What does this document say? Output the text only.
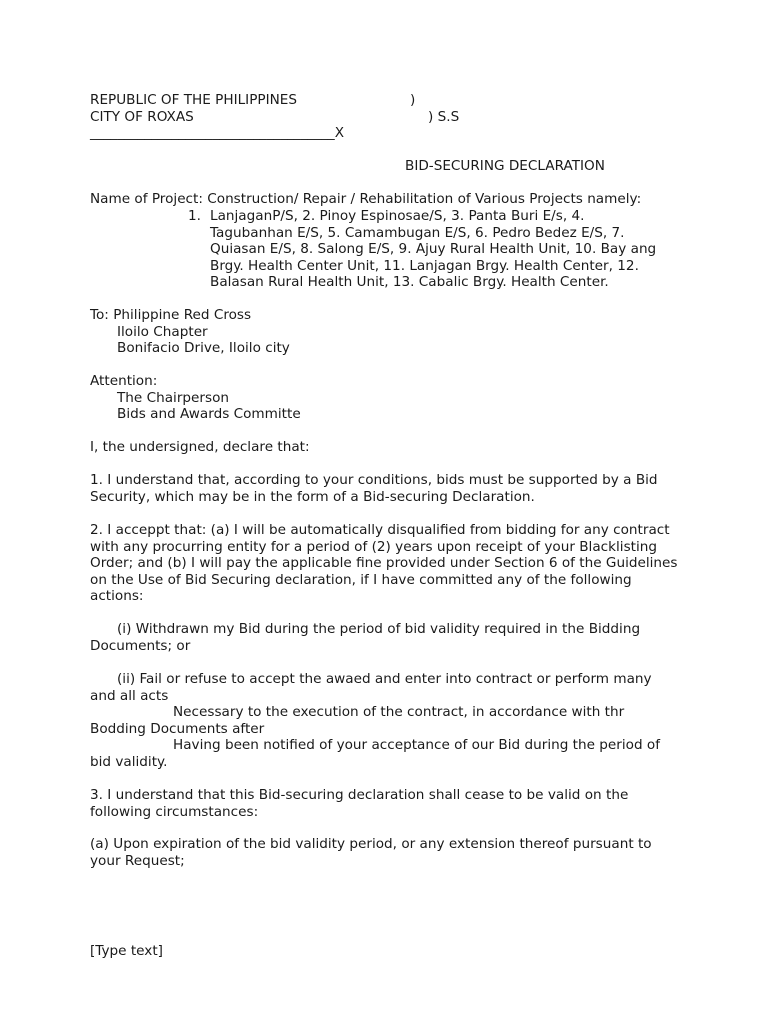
REPUBLIC OF THE PHILIPPINES	)
CITY OF ROXAS	) S.S
____________________________________X
BID-SECURING DECLARATION
Name of Project: Construction/ Repair / Rehabilitation of Various Projects namely:
1. LanjaganP/S, 2. Pinoy Espinosae/S, 3. Panta Buri E/s, 4.
Tagubanhan E/S, 5. Camambugan E/S, 6. Pedro Bedez E/S, 7.
Quiasan E/S, 8. Salong E/S, 9. Ajuy Rural Health Unit, 10. Bay ang
Brgy. Health Center Unit, 11. Lanjagan Brgy. Health Center, 12.
Balasan Rural Health Unit, 13. Cabalic Brgy. Health Center.
To: Philippine Red Cross
Iloilo Chapter
Bonifacio Drive, Iloilo city
Attention:
The Chairperson
Bids and Awards Committe
I, the undersigned, declare that:
1. I understand that, according to your conditions, bids must be supported by a Bid Security, which may be in the form of a Bid-securing Declaration.
2. I acceppt that: (a) I will be automatically disqualified from bidding for any contract with any procurring entity for a period of (2) years upon receipt of your Blacklisting Order; and (b) I will pay the applicable fine provided under Section 6 of the Guidelines on the Use of Bid Securing declaration, if I have committed any of the following actions:
(i) Withdrawn my Bid during the period of bid validity required in the Bidding Documents; or
(ii) Fail or refuse to accept the awaed and enter into contract or perform many and all acts
Necessary to the execution of the contract, in accordance with thr Bodding Documents after
Having been notified of your acceptance of our Bid during the period of bid validity.
3. I understand that this Bid-securing declaration shall cease to be valid on the following circumstances:
(a) Upon expiration of the bid validity period, or any extension thereof pursuant to your Request;
[Type text]
